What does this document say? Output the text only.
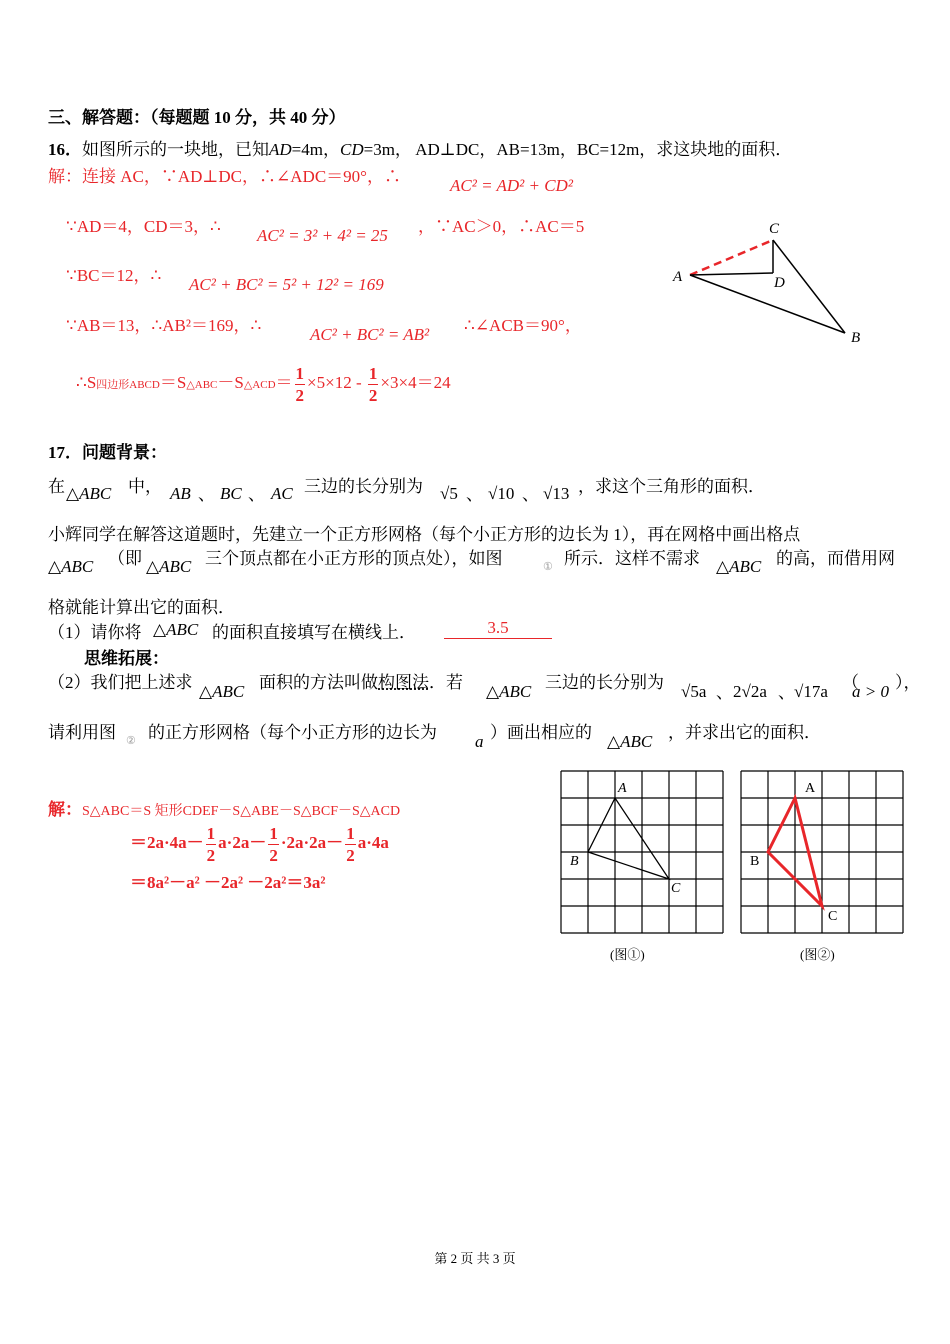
三、解答题：（每题题 10 分，共 40 分）
16．如图所示的一块地，已知AD=4m，CD=3m， AD⊥DC，AB=13m，BC=12m，求这块地的面积．
解：连接 AC，∵AD⊥DC，∴∠ADC＝90°，∴	AC² = AD² + CD²
∵AD＝4，CD＝3，∴ AC² = 3² + 4² = 25 ，∵AC＞0，∴AC＝5
∵BC＝12，∴ AC² + BC² = 5² + 12² = 169
∵AB＝13，∴AB²＝169，∴	AC² + BC² = AB² ∴∠ACB＝90°，
∴S四边形ABCD＝S△ABC－S△ACD＝ $\frac{1}{2} \times 5\times 12 - \frac{1}{2} \times 3\times 4=24$
C
A	D
B
17．问题背景：
在 △ABC 中， AB 、 BC 、 AC 三边的长分别为 √5 、 √10 、 √13 ，求这个三角形的面积．
小辉同学在解答这道题时，先建立一个正方形网格（每个小正方形的边长为 1），再在网格中画出格点
△ABC （即 △ABC 三个顶点都在小正方形的顶点处），如图	① 所示．这样不需求 △ABC 的高，而借用网
格就能计算出它的面积．
（1）请你将 △ABC 的面积直接填写在横线上．	3.5
思维拓展：
（2）我们把上述求 △ABC 面积的方法叫做构图法．若 △ABC 三边的长分别为 √5a 、 2√2a 、 √17a （
a > 0 ），
请利用图 ② 的正方形网格（每个小正方形的边长为 a ）画出相应的 △ABC ，并求出它的面积．
解：S△ABC＝S 矩形CDEF－S△ABE－S△BCF－S△ACD
$=2a\cdot 4a- \frac{1}{2} a\cdot 2a- \frac{1}{2} \cdot 2a\cdot 2a- \frac{1}{2} a\cdot 4a$
＝8a²－a² －2a² －2a²＝3a²
A
B
C
(图①)
A
B
C
(图②)
第 2 页 共 3 页
